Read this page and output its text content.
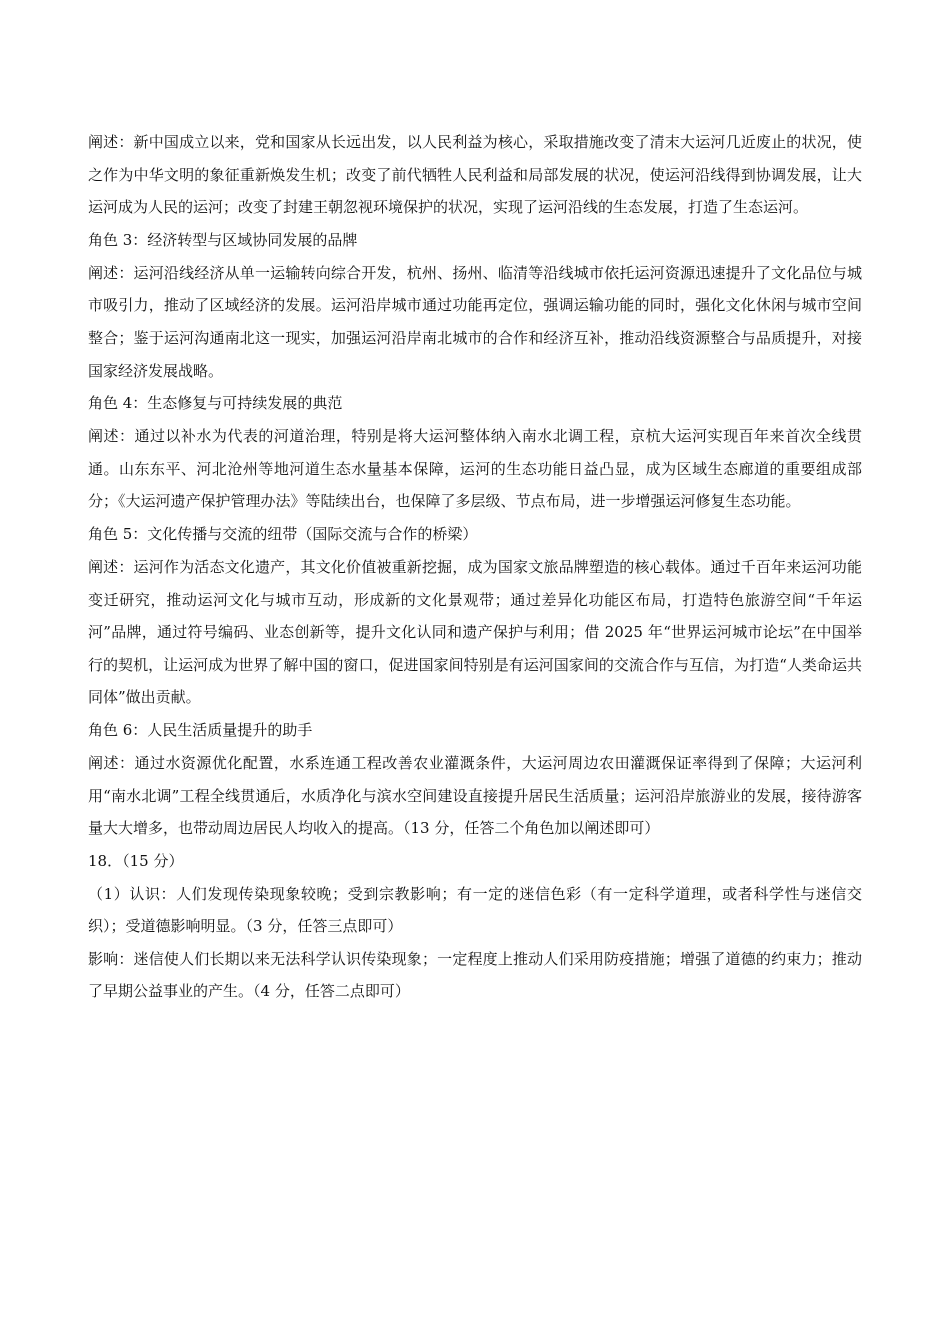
阐述：新中国成立以来，党和国家从长远出发，以人民利益为核心，采取措施改变了清末大运河几近废止的状况，使之作为中华文明的象征重新焕发生机；改变了前代牺牲人民利益和局部发展的状况，使运河沿线得到协调发展，让大运河成为人民的运河；改变了封建王朝忽视环境保护的状况，实现了运河沿线的生态发展，打造了生态运河。

角色 3：经济转型与区域协同发展的品牌

阐述：运河沿线经济从单一运输转向综合开发，杭州、扬州、临清等沿线城市依托运河资源迅速提升了文化品位与城市吸引力，推动了区域经济的发展。运河沿岸城市通过功能再定位，强调运输功能的同时，强化文化休闲与城市空间整合；鉴于运河沟通南北这一现实，加强运河沿岸南北城市的合作和经济互补，推动沿线资源整合与品质提升，对接国家经济发展战略。

角色 4：生态修复与可持续发展的典范

阐述：通过以补水为代表的河道治理，特别是将大运河整体纳入南水北调工程，京杭大运河实现百年来首次全线贯通。山东东平、河北沧州等地河道生态水量基本保障，运河的生态功能日益凸显，成为区域生态廊道的重要组成部分；《大运河遗产保护管理办法》等陆续出台，也保障了多层级、节点布局，进一步增强运河修复生态功能。

角色 5：文化传播与交流的纽带（国际交流与合作的桥梁）

阐述：运河作为活态文化遗产，其文化价值被重新挖掘，成为国家文旅品牌塑造的核心载体。通过千百年来运河功能变迁研究，推动运河文化与城市互动，形成新的文化景观带；通过差异化功能区布局，打造特色旅游空间“千年运河”品牌，通过符号编码、业态创新等，提升文化认同和遗产保护与利用；借 2025 年“世界运河城市论坛”在中国举行的契机，让运河成为世界了解中国的窗口，促进国家间特别是有运河国家间的交流合作与互信，为打造“人类命运共同体”做出贡献。

角色 6：人民生活质量提升的助手

阐述：通过水资源优化配置，水系连通工程改善农业灌溉条件，大运河周边农田灌溉保证率得到了保障；大运河利用“南水北调”工程全线贯通后，水质净化与滨水空间建设直接提升居民生活质量；运河沿岸旅游业的发展，接待游客量大大增多，也带动周边居民人均收入的提高。（13 分，任答二个角色加以阐述即可）

18．（15 分）

（1）认识：人们发现传染现象较晚；受到宗教影响；有一定的迷信色彩（有一定科学道理，或者科学性与迷信交织）；受道德影响明显。（3 分，任答三点即可）

影响：迷信使人们长期以来无法科学认识传染现象；一定程度上推动人们采用防疫措施；增强了道德的约束力；推动了早期公益事业的产生。（4 分，任答二点即可）
